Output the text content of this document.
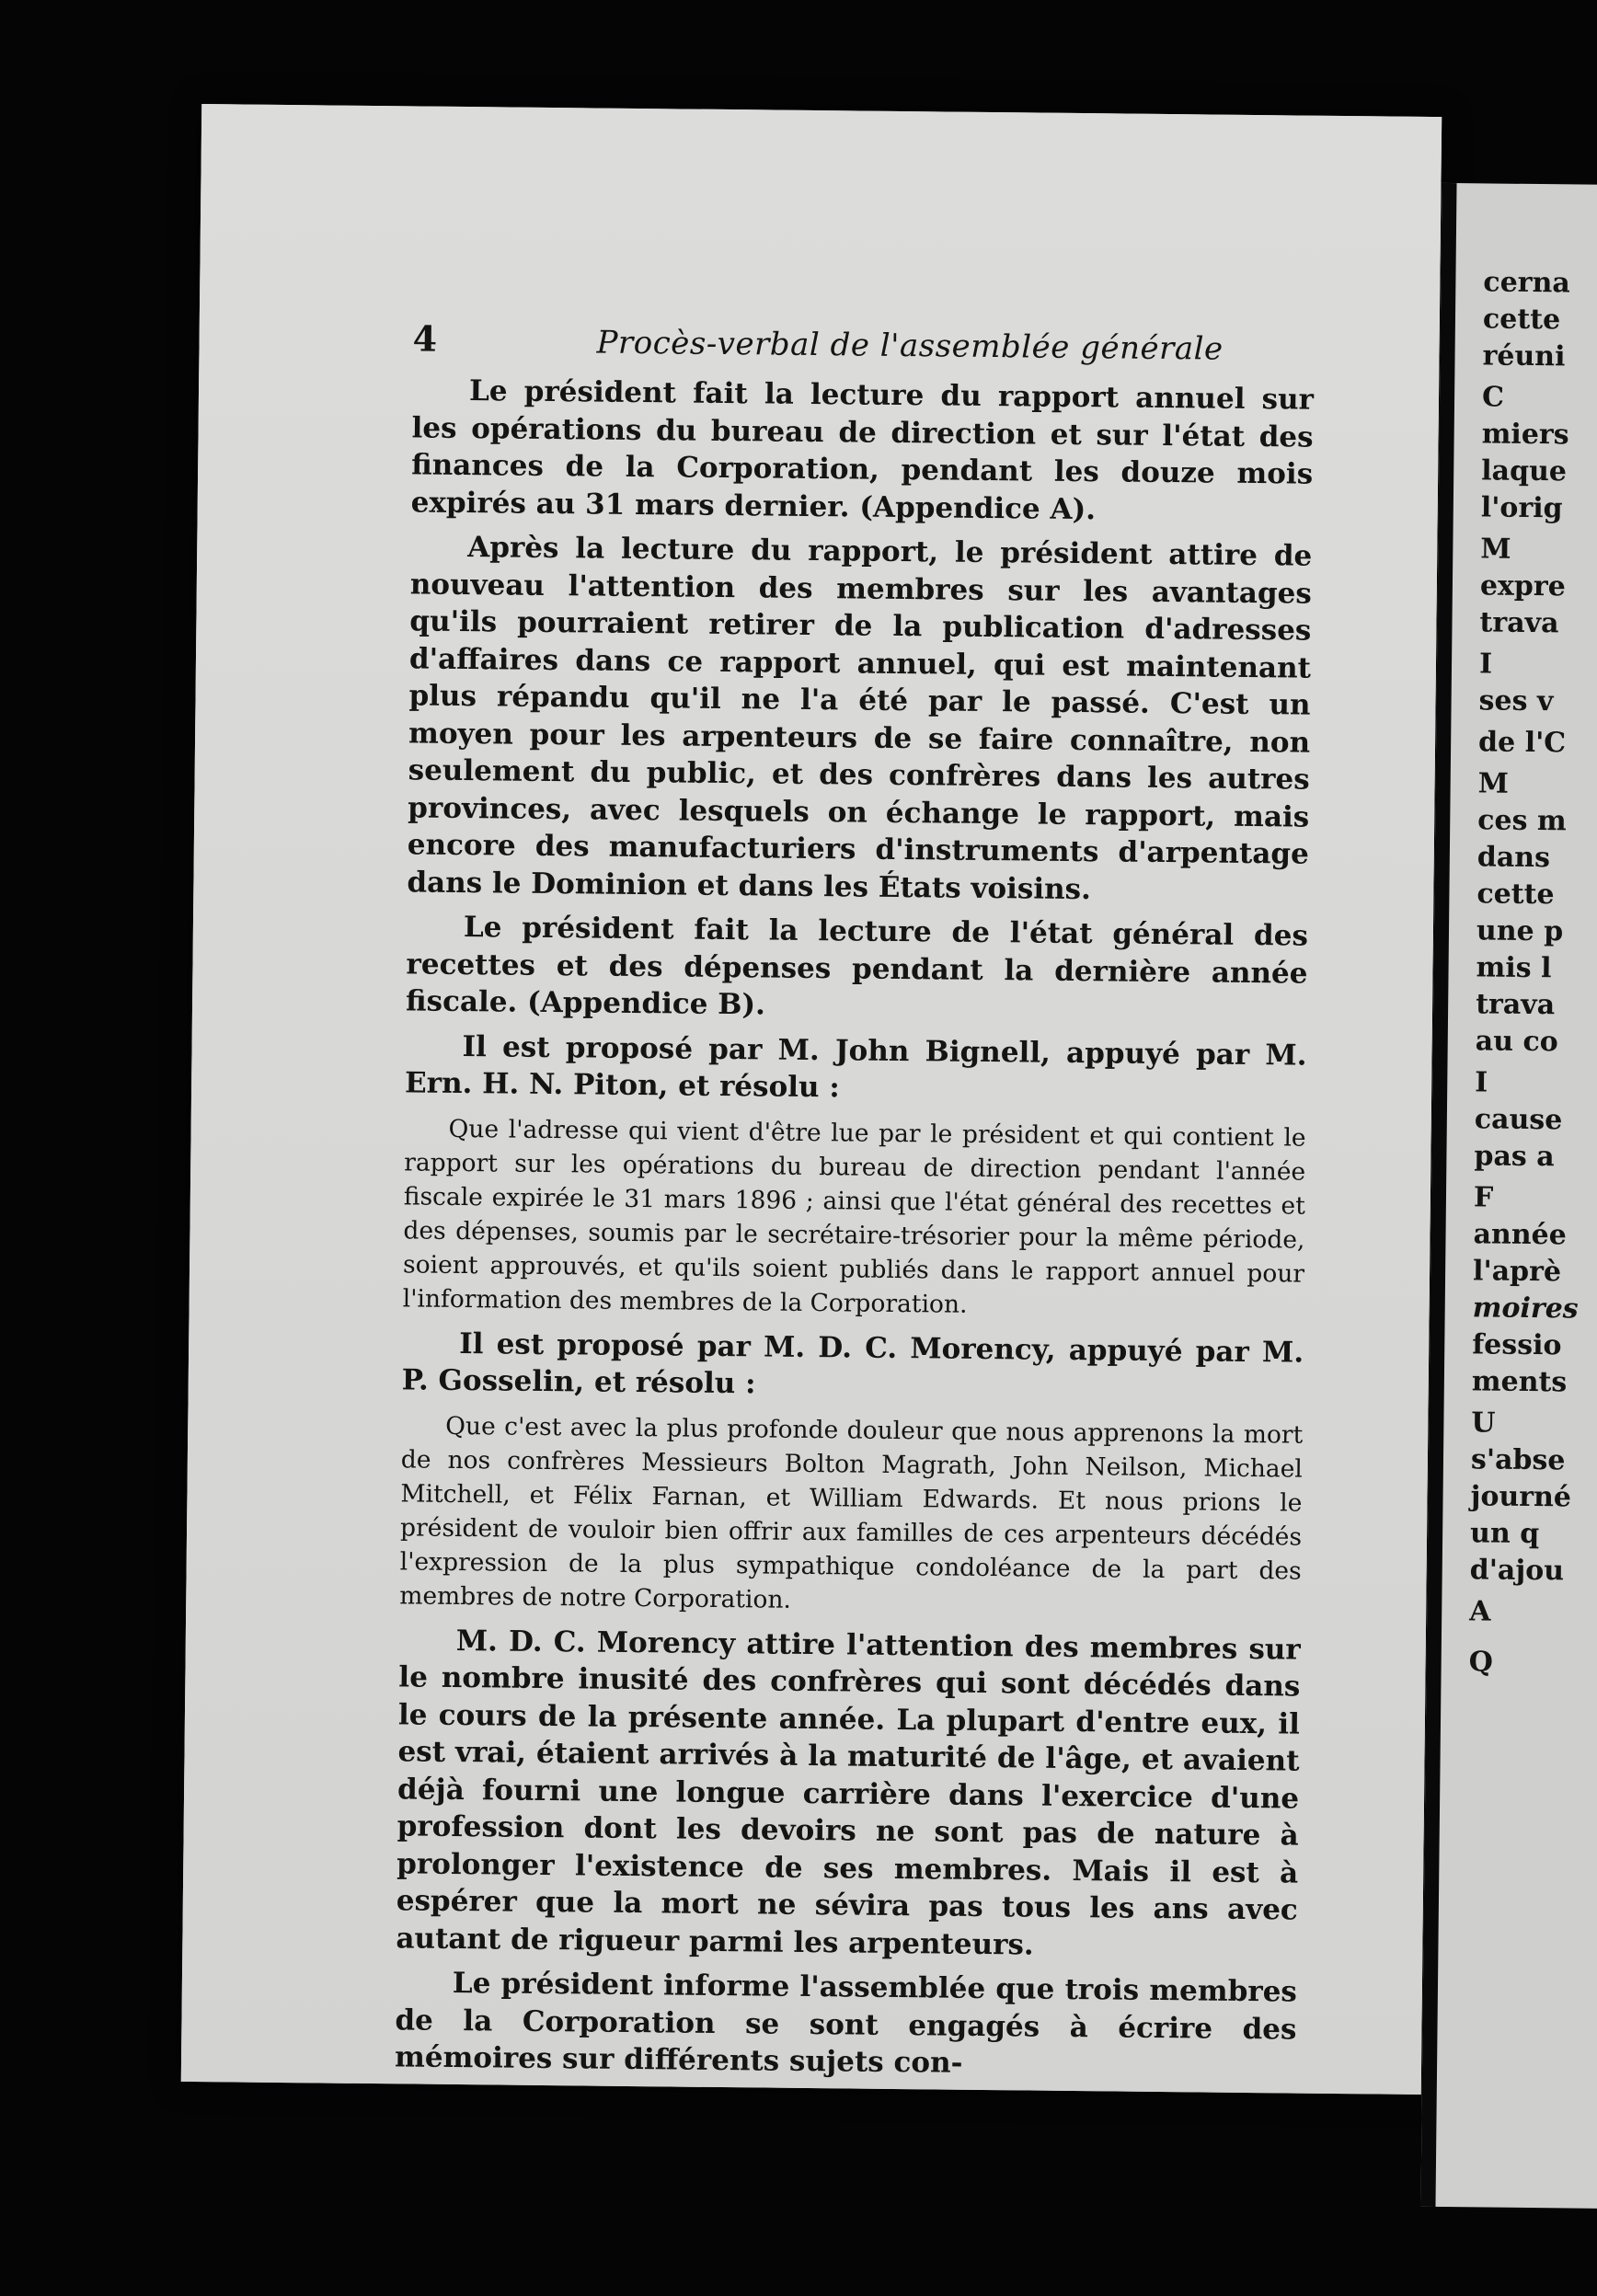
4	Procès-verbal de l'assemblée générale

Le président fait la lecture du rapport annuel sur les opérations du bureau de direction et sur l'état des finances de la Corporation, pendant les douze mois expirés au 31 mars dernier. (Appendice A).

Après la lecture du rapport, le président attire de nouveau l'attention des membres sur les avantages qu'ils pourraient retirer de la publication d'adresses d'affaires dans ce rapport annuel, qui est maintenant plus répandu qu'il ne l'a été par le passé. C'est un moyen pour les arpenteurs de se faire connaître, non seulement du public, et des confrères dans les autres provinces, avec lesquels on échange le rapport, mais encore des manufacturiers d'instruments d'arpentage dans le Dominion et dans les États voisins.

Le président fait la lecture de l'état général des recettes et des dépenses pendant la dernière année fiscale. (Appendice B).

Il est proposé par M. John Bignell, appuyé par M. Ern. H. N. Piton, et résolu :

Que l'adresse qui vient d'être lue par le président et qui contient le rapport sur les opérations du bureau de direction pendant l'année fiscale expirée le 31 mars 1896 ; ainsi que l'état général des recettes et des dépenses, soumis par le secrétaire-trésorier pour la même période, soient approuvés, et qu'ils soient publiés dans le rapport annuel pour l'information des membres de la Corporation.

Il est proposé par M. D. C. Morency, appuyé par M. P. Gosselin, et résolu :

Que c'est avec la plus profonde douleur que nous apprenons la mort de nos confrères Messieurs Bolton Magrath, John Neilson, Michael Mitchell, et Félix Farnan, et William Edwards. Et nous prions le président de vouloir bien offrir aux familles de ces arpenteurs décédés l'expression de la plus sympathique condoléance de la part des membres de notre Corporation.

M. D. C. Morency attire l'attention des membres sur le nombre inusité des confrères qui sont décédés dans le cours de la présente année. La plupart d'entre eux, il est vrai, étaient arrivés à la maturité de l'âge, et avaient déjà fourni une longue carrière dans l'exercice d'une profession dont les devoirs ne sont pas de nature à prolonger l'existence de ses membres. Mais il est à espérer que la mort ne sévira pas tous les ans avec autant de rigueur parmi les arpenteurs.

Le président informe l'assemblée que trois membres de la Corporation se sont engagés à écrire des mémoires sur différents sujets con-

cerna
cette
réuni
C
miers
laque
l'orig
M
expre
trava
I
ses v
de l'C
M
ces m
dans
cette
une p
mis l
trava
au co
I
cause
pas a
F
année
l'aprè
moires
fessio
ments
U
s'abse
journé
un q
d'ajou
A
Q
